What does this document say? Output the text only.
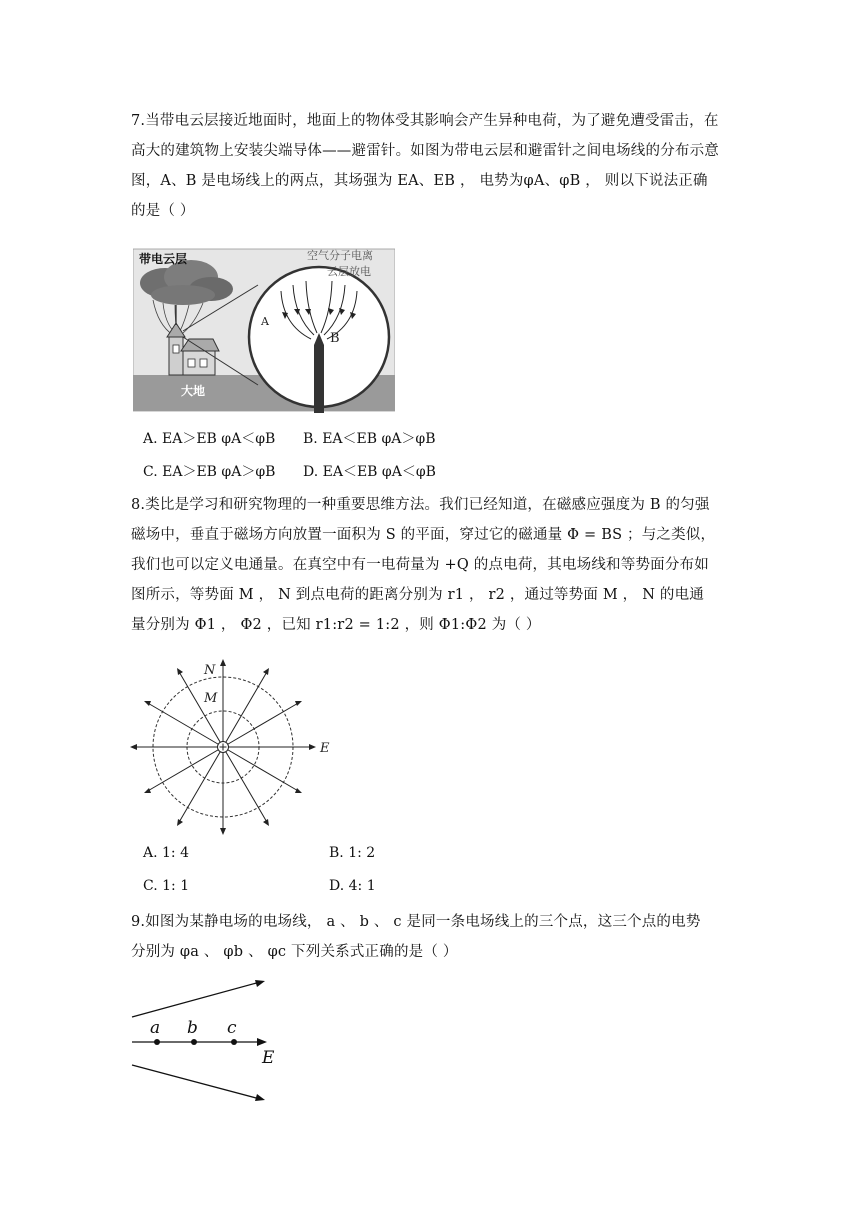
7.当带电云层接近地面时，地面上的物体受其影响会产生异种电荷，为了避免遭受雷击，在
高大的建筑物上安装尖端导体——避雷针。如图为带电云层和避雷针之间电场线的分布示意
图，A、B 是电场线上的两点，其场强为 EA、EB ， 电势为φA、φB ， 则以下说法正确
的是（ ）
A
B
带电云层	空气分子电离
云层放电
大地
A. EA＞EB φA＜φB B. EA＜EB φA＞φB
C. EA＞EB φA＞φB D. EA＜EB φA＜φB
8.类比是学习和研究物理的一种重要思维方法。我们已经知道，在磁感应强度为 B 的匀强
磁场中，垂直于磁场方向放置一面积为 S 的平面，穿过它的磁通量 Φ = BS ；与之类似，
我们也可以定义电通量。在真空中有一电荷量为 +Q 的点电荷，其电场线和等势面分布如
图所示，等势面 M ， N 到点电荷的距离分别为 r1 ， r2 ，通过等势面 M ， N 的电通
量分别为 Φ1 ， Φ2 ，已知 r1:r2 = 1:2 ，则 Φ1:Φ2 为（ ）
N
M
E
A. 1: 4	B. 1: 2
C. 1: 1	D. 4: 1
9.如图为某静电场的电场线， a 、 b 、 c 是同一条电场线上的三个点，这三个点的电势
分别为 φa 、 φb 、 φc 下列关系式正确的是（ ）
a b c
E
